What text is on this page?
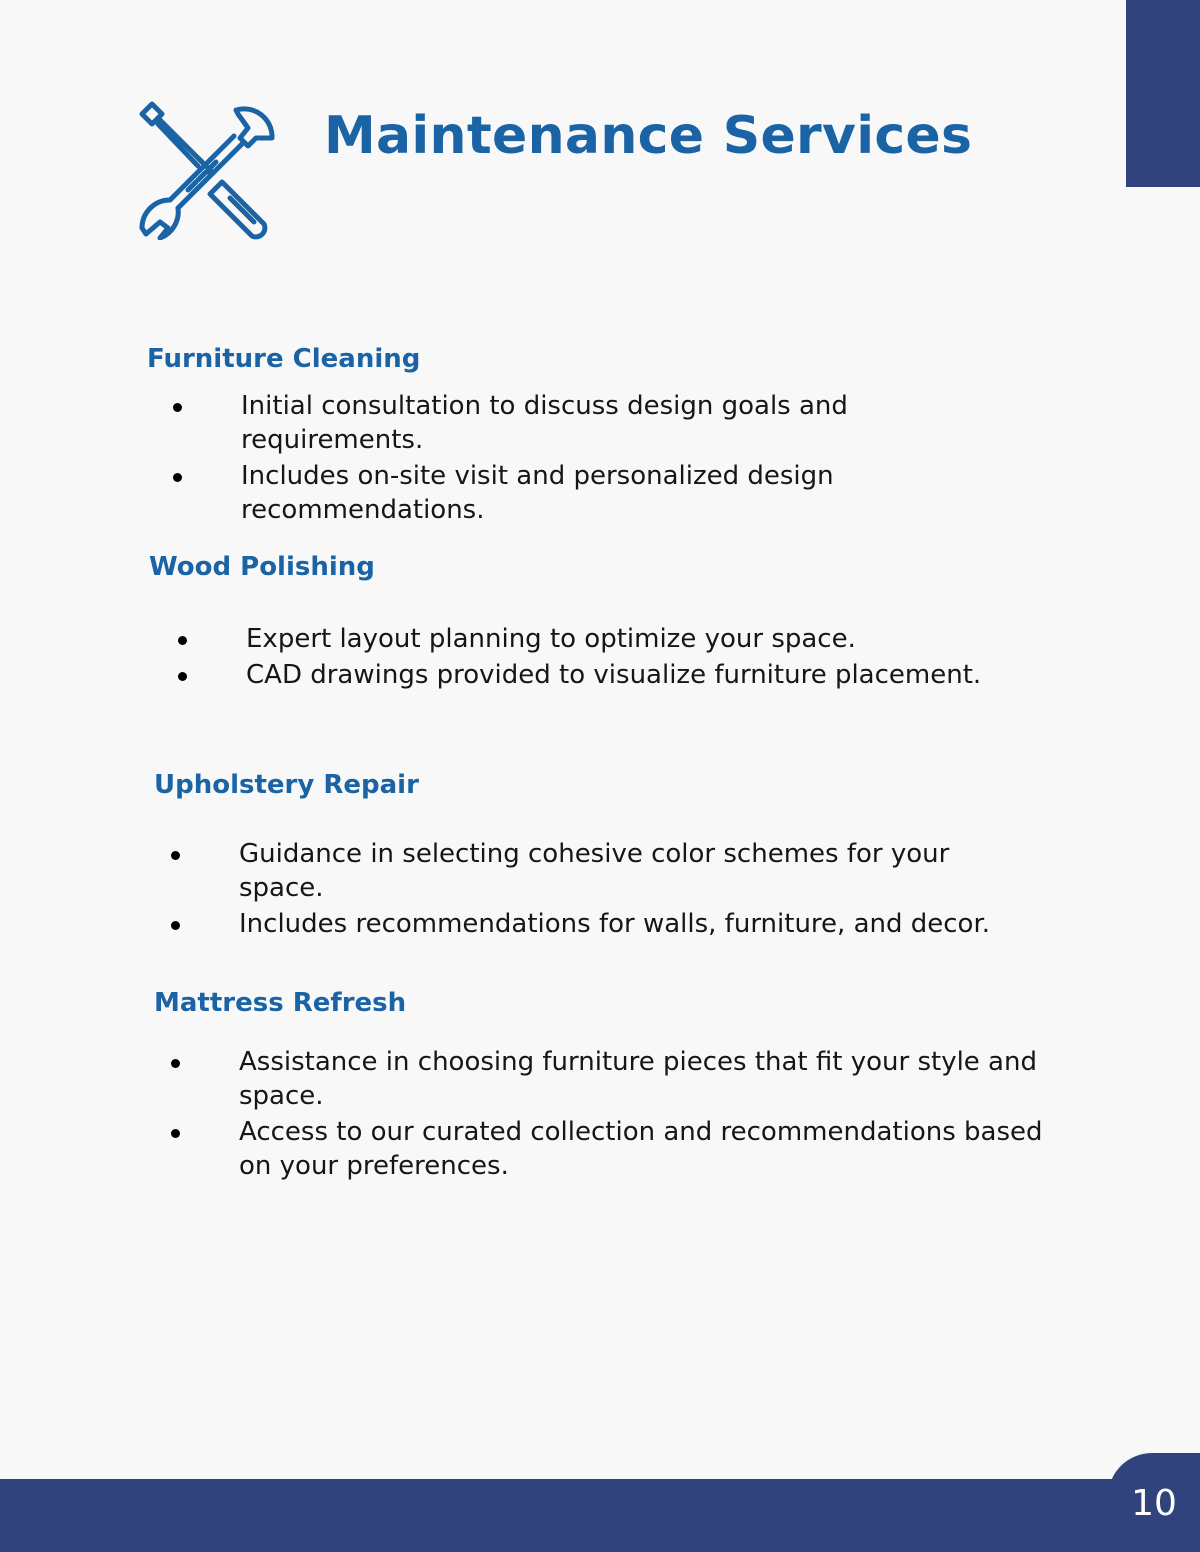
Maintenance Services
Furniture Cleaning
Initial consultation to discuss design goals and requirements.
Includes on-site visit and personalized design recommendations.
Wood Polishing
Expert layout planning to optimize your space.
CAD drawings provided to visualize furniture placement.
Upholstery Repair
Guidance in selecting cohesive color schemes for your space.
Includes recommendations for walls, furniture, and decor.
Mattress Refresh
Assistance in choosing furniture pieces that fit your style and space.
Access to our curated collection and recommendations based on your preferences.

10
